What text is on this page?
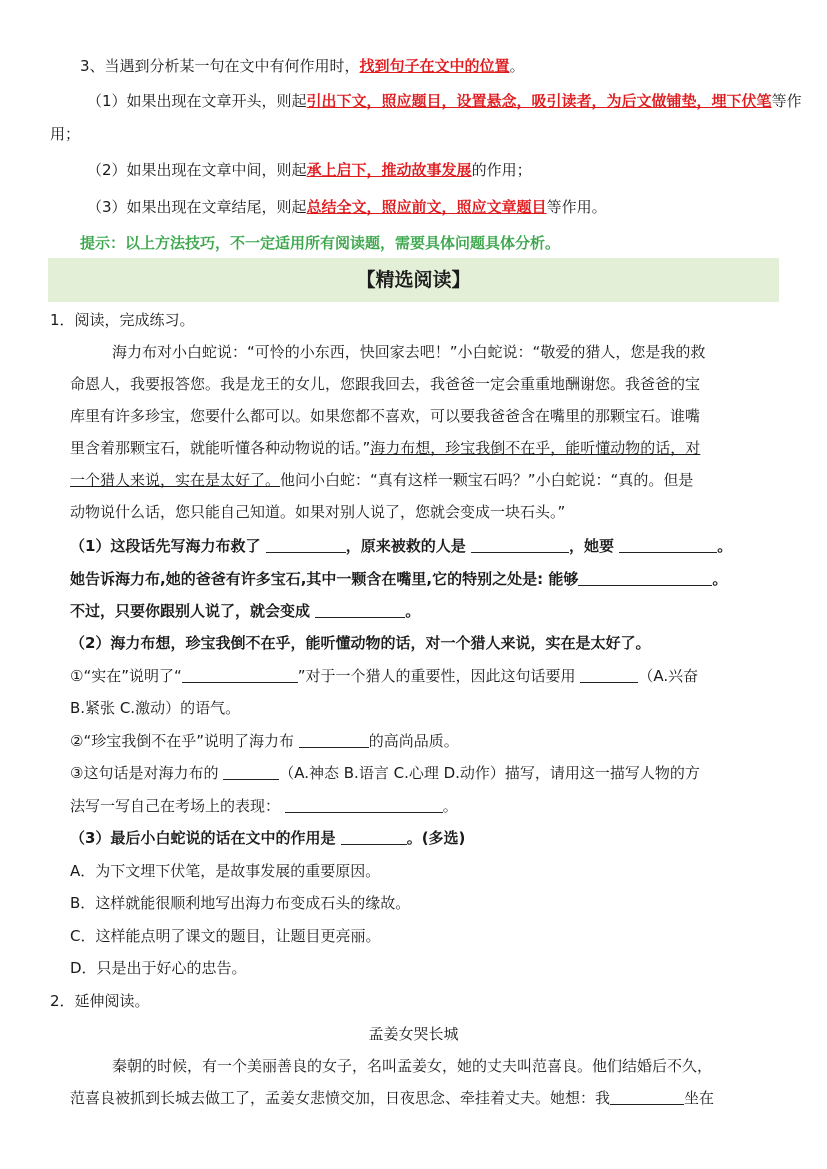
3、当遇到分析某一句在文中有何作用时，找到句子在文中的位置。
（1）如果出现在文章开头，则起引出下文，照应题目，设置悬念，吸引读者，为后文做铺垫，埋下伏笔等作
用；
（2）如果出现在文章中间，则起承上启下，推动故事发展的作用；
（3）如果出现在文章结尾，则起总结全文，照应前文，照应文章题目等作用。
提示：以上方法技巧，不一定适用所有阅读题，需要具体问题具体分析。
【精选阅读】
1．阅读，完成练习。
海力布对小白蛇说：“可怜的小东西，快回家去吧！”小白蛇说：“敬爱的猎人，您是我的救
命恩人，我要报答您。我是龙王的女儿，您跟我回去，我爸爸一定会重重地酬谢您。我爸爸的宝
库里有许多珍宝，您要什么都可以。如果您都不喜欢，可以要我爸爸含在嘴里的那颗宝石。谁嘴
里含着那颗宝石，就能听懂各种动物说的话。”海力布想，珍宝我倒不在乎，能听懂动物的话，对
一个猎人来说，实在是太好了。他问小白蛇：“真有这样一颗宝石吗？”小白蛇说：“真的。但是
动物说什么话，您只能自己知道。如果对别人说了，您就会变成一块石头。”
（1）这段话先写海力布救了	，原来被救的人是	，她要	。
她告诉海力布,她的爸爸有许多宝石,其中一颗含在嘴里,它的特别之处是: 能够	。
不过，只要你跟别人说了，就会变成	。
（2）海力布想，珍宝我倒不在乎，能听懂动物的话，对一个猎人来说，实在是太好了。
①“实在”说明了“	”对于一个猎人的重要性，因此这句话要用	（A.兴奋
B.紧张 C.激动）的语气。
②“珍宝我倒不在乎”说明了海力布	的高尚品质。
③这句话是对海力布的	（A.神态 B.语言 C.心理 D.动作）描写，请用这一描写人物的方
法写一写自己在考场上的表现：	。
（3）最后小白蛇说的话在文中的作用是	。(多选)
A．为下文埋下伏笔，是故事发展的重要原因。
B．这样就能很顺利地写出海力布变成石头的缘故。
C．这样能点明了课文的题目，让题目更亮丽。
D．只是出于好心的忠告。
2．延伸阅读。
孟姜女哭长城
秦朝的时候，有一个美丽善良的女子，名叫孟姜女，她的丈夫叫范喜良。他们结婚后不久，
范喜良被抓到长城去做工了，孟姜女悲愤交加，日夜思念、牵挂着丈夫。她想：我	坐在
